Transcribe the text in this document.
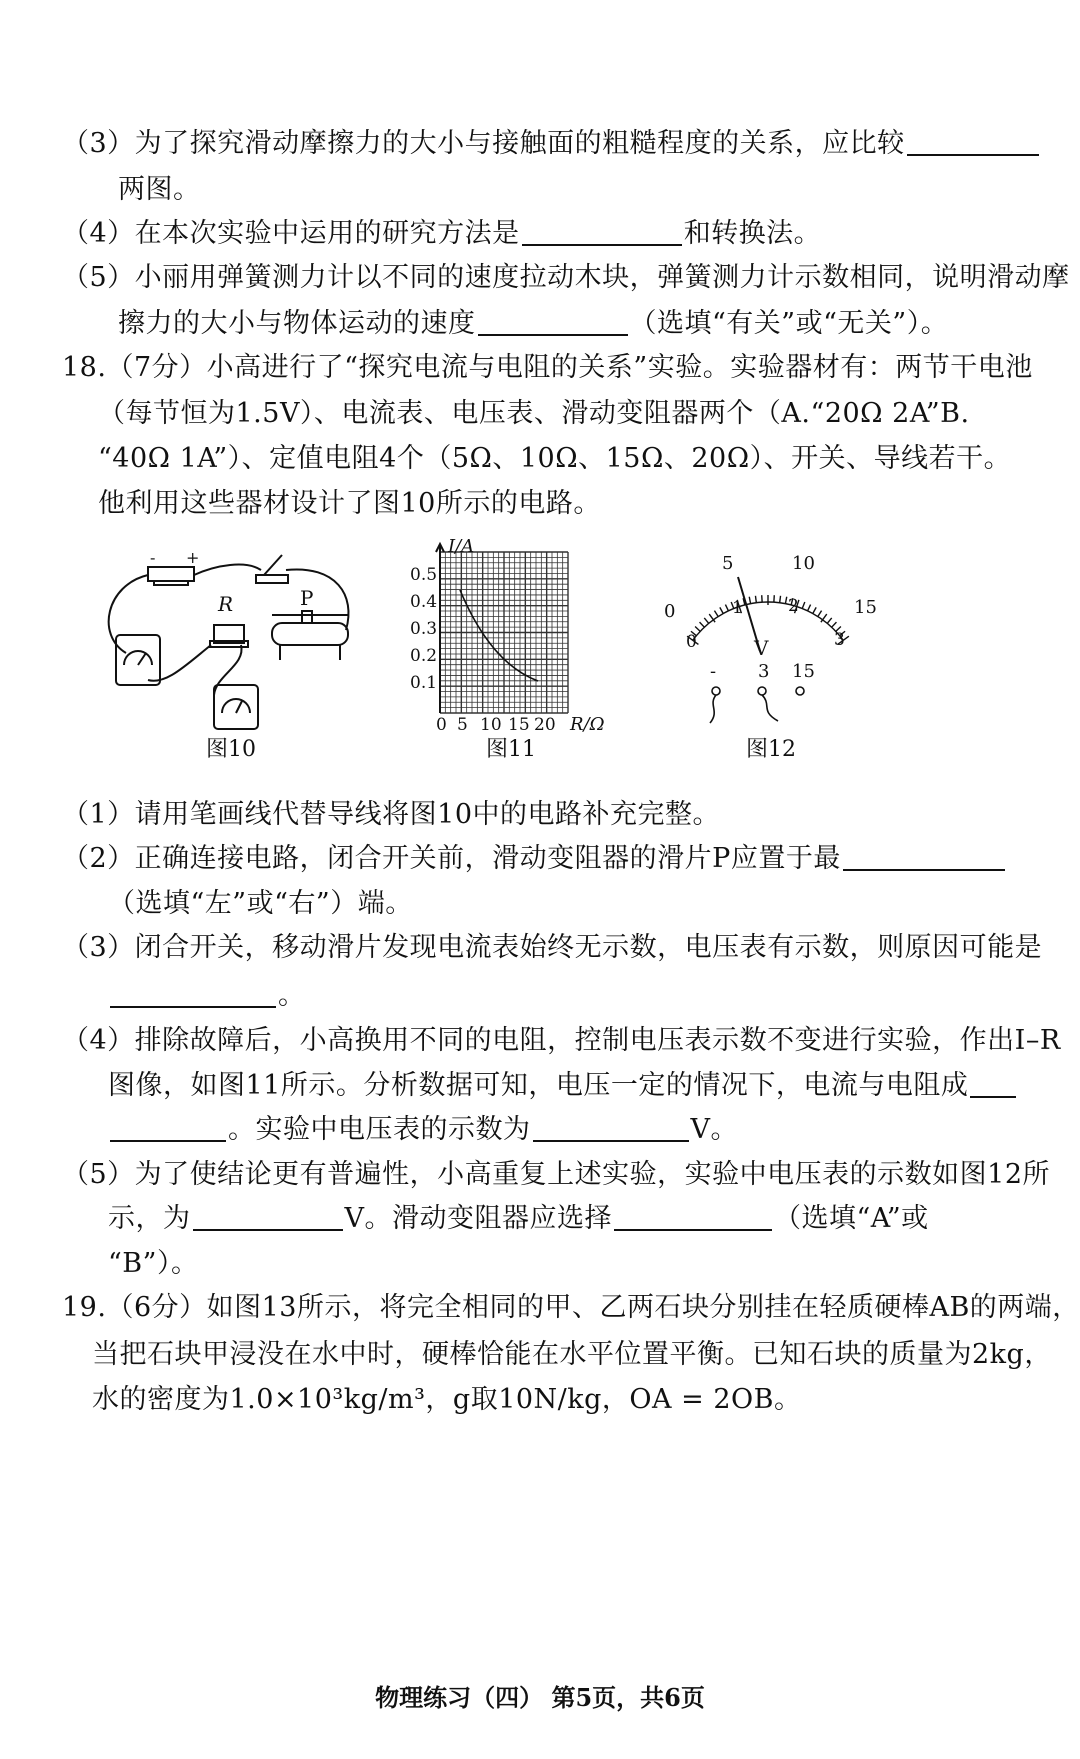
（3）为了探究滑动摩擦力的大小与接触面的粗糙程度的关系，应比较
两图。
（4）在本次实验中运用的研究方法是	和转换法。
（5）小丽用弹簧测力计以不同的速度拉动木块，弹簧测力计示数相同，说明滑动摩
擦力的大小与物体运动的速度	（选填“有关”或“无关”）。
18.（7分）小高进行了“探究电流与电阻的关系”实验。实验器材有：两节干电池
（每节恒为1.5V）、电流表、电压表、滑动变阻器两个（A.“20Ω 2A”B.
“40Ω 1A”）、定值电阻4个（5Ω、10Ω、15Ω、20Ω）、开关、导线若干。
他利用这些器材设计了图10所示的电路。
- +
R	P
图10
I/A
0.5
0.4
0.3
0.2
0.1
0 5 10 15 20 R/Ω
图11
0
5	10
15
0
1	2
3
V
- 3 15
图12
（1）请用笔画线代替导线将图10中的电路补充完整。
（2）正确连接电路，闭合开关前，滑动变阻器的滑片P应置于最
（选填“左”或“右”）端。
（3）闭合开关，移动滑片发现电流表始终无示数，电压表有示数，则原因可能是
。
（4）排除故障后，小高换用不同的电阻，控制电压表示数不变进行实验，作出I–R
图像，如图11所示。分析数据可知，电压一定的情况下，电流与电阻成
。实验中电压表的示数为	V。
（5）为了使结论更有普遍性，小高重复上述实验，实验中电压表的示数如图12所
示，为	V。滑动变阻器应选择	（选填“A”或
“B”）。
19.（6分）如图13所示，将完全相同的甲、乙两石块分别挂在轻质硬棒AB的两端，
当把石块甲浸没在水中时，硬棒恰能在水平位置平衡。已知石块的质量为2kg，
水的密度为1.0×10³kg/m³，g取10N/kg，OA = 2OB。
物理练习（四） 第5页，共6页
